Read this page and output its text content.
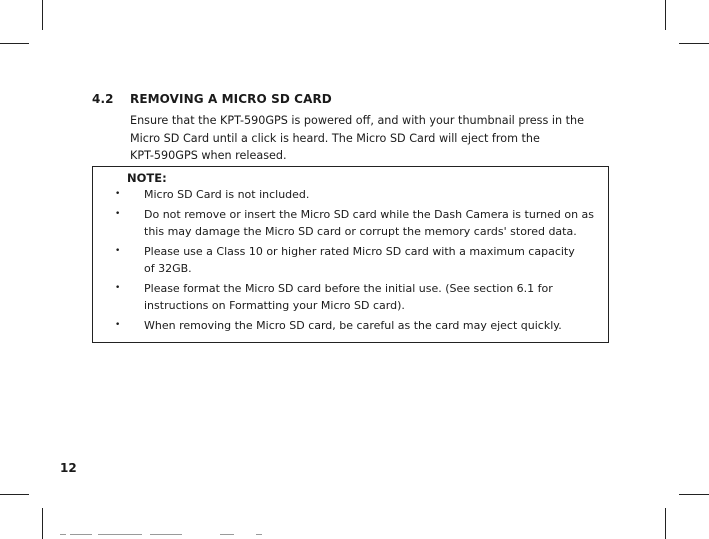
4.2 REMOVING A MICRO SD CARD

Ensure that the KPT-590GPS is powered off, and with your thumbnail press in the
Micro SD Card until a click is heard. The Micro SD Card will eject from the
KPT-590GPS when released.

NOTE:
• Micro SD Card is not included.
• Do not remove or insert the Micro SD card while the Dash Camera is turned on as
this may damage the Micro SD card or corrupt the memory cards' stored data.
• Please use a Class 10 or higher rated Micro SD card with a maximum capacity
of 32GB.
• Please format the Micro SD card before the initial use. (See section 6.1 for
instructions on Formatting your Micro SD card).
• When removing the Micro SD card, be careful as the card may eject quickly.
12
